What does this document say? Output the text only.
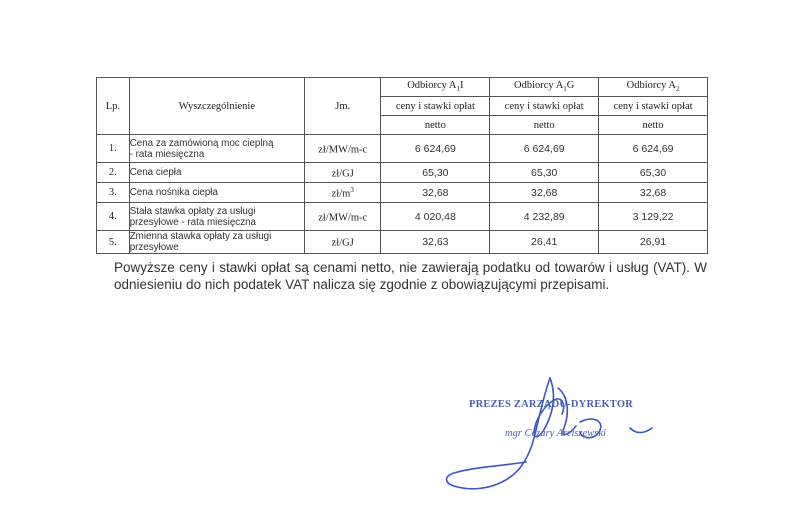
Lp.	Wyszczególnienie	Jm.	Odbiorcy $A_1I$	Odbiorcy $A_1G$	Odbiorcy $A_2$
			ceny i stawki opłat	ceny i stawki opłat	ceny i stawki opłat
			netto	netto	netto
1.	Cena za zamówioną moc cieplną
- rata miesięczna	zł/MW/m-c	6 624,69	6 624,69	6 624,69
2.	Cena ciepła	zł/GJ	65,30	65,30	65,30
3.	Cena nośnika ciepła	$zł/m^3$	32,68	32,68	32,68
4.	Stała stawka opłaty za usługi
przesyłowe - rata miesięczna	zł/MW/m-c	4 020,48	4 232,89	3 129,22
5.	Zmienna stawka opłaty za usługi
przesyłowe	zł/GJ	32,63	26,41	26,91

Powyższe ceny i stawki opłat są cenami netto, nie zawierają podatku od towarów i usług (VAT). W odniesieniu do nich podatek VAT nalicza się zgodnie z obowiązującymi przepisami.

PREZES ZARZĄDU-DYREKTOR
mgr Cezary Arciszewski
